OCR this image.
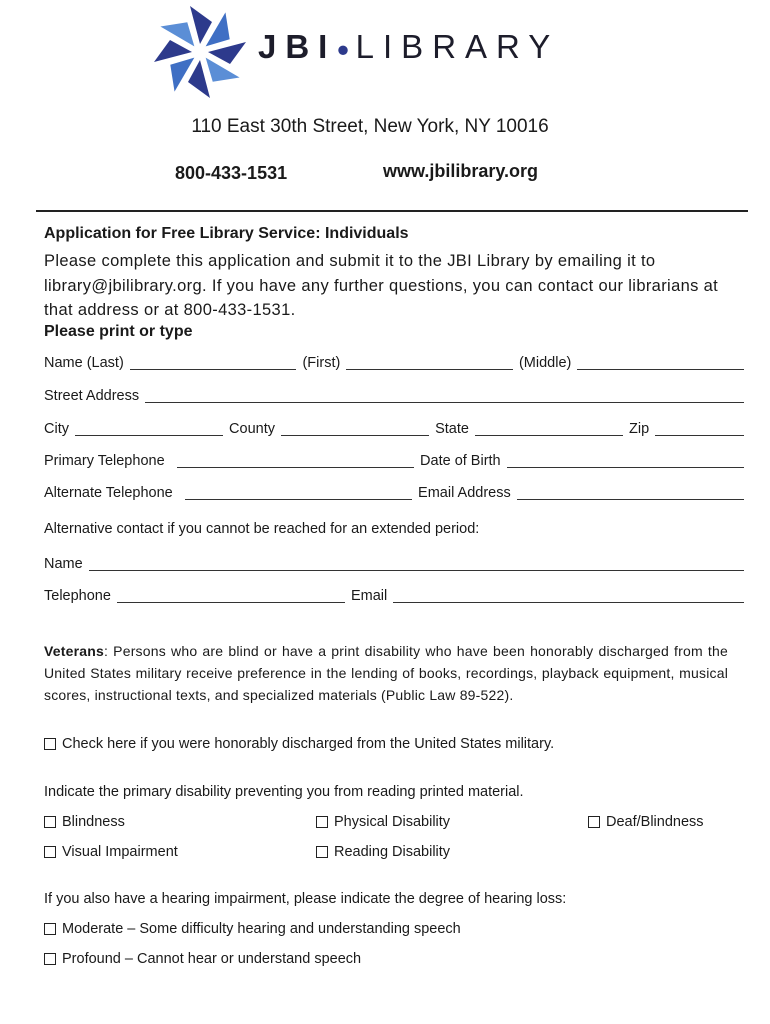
JBI●LIBRARY
110 East 30th Street, New York, NY 10016
800-433-1531	www.jbilibrary.org
Application for Free Library Service: Individuals
Please complete this application and submit it to the JBI Library by emailing it to library@jbilibrary.org. If you have any further questions, you can contact our librarians at that address or at 800-433-1531.
Please print or type
Name (Last)	(First)	(Middle)
Street Address
City	County	State	Zip
Primary Telephone	Date of Birth
Alternate Telephone	Email Address
Alternative contact if you cannot be reached for an extended period:
Name
Telephone	Email
Veterans: Persons who are blind or have a print disability who have been honorably discharged from the United States military receive preference in the lending of books, recordings, playback equipment, musical scores, instructional texts, and specialized materials (Public Law 89-522).
Check here if you were honorably discharged from the United States military.
Indicate the primary disability preventing you from reading printed material.
Blindness	Physical Disability	Deaf/Blindness
Visual Impairment	Reading Disability
If you also have a hearing impairment, please indicate the degree of hearing loss:
Moderate – Some difficulty hearing and understanding speech
Profound – Cannot hear or understand speech
